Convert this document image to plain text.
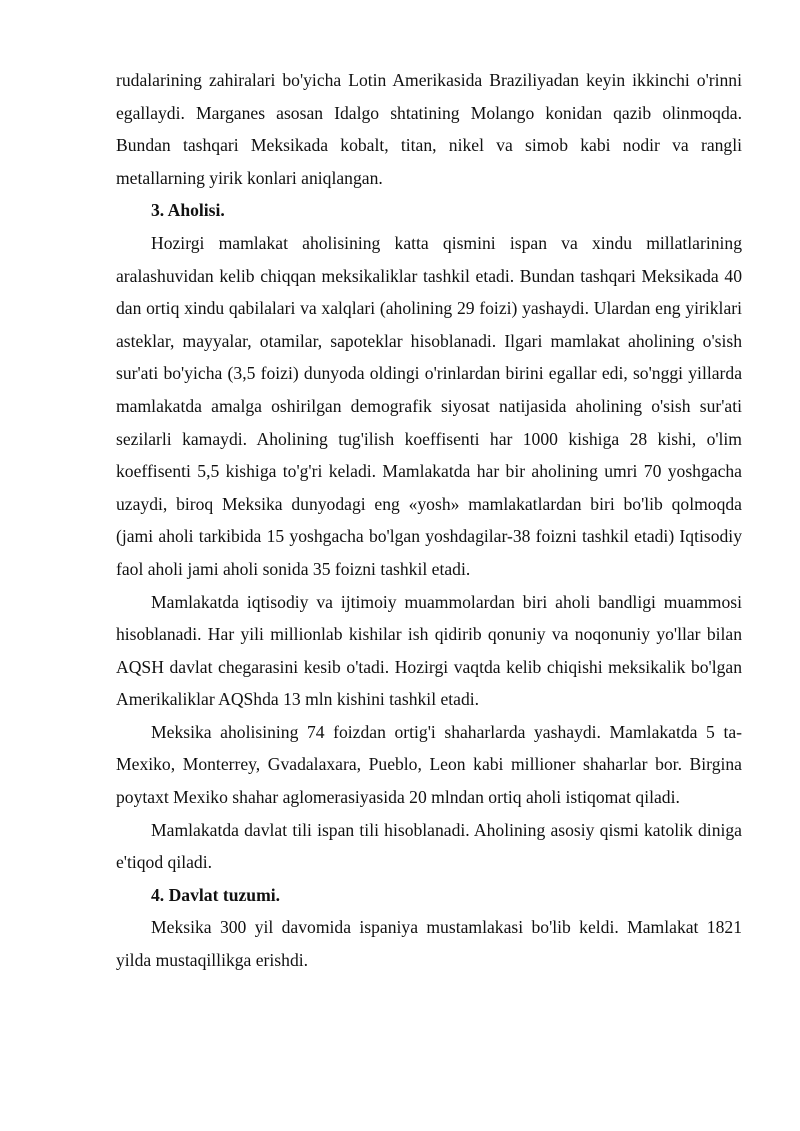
rudalarining zahiralari bo'yicha Lotin Amerikasida Braziliyadan keyin ikkinchi o'rinni egallaydi. Marganes asosan Idalgo shtatining Molango konidan qazib olinmoqda. Bundan tashqari Meksikada kobalt, titan, nikel va simob kabi nodir va rangli metallarning yirik konlari aniqlangan.

3. Aholisi.

Hozirgi mamlakat aholisining katta qismini ispan va xindu millatlarining aralashuvidan kelib chiqqan meksikaliklar tashkil etadi. Bundan tashqari Meksikada 40 dan ortiq xindu qabilalari va xalqlari (aholining 29 foizi) yashaydi. Ulardan eng yiriklari asteklar, mayyalar, otamilar, sapoteklar hisoblanadi. Ilgari mamlakat aholining o'sish sur'ati bo'yicha (3,5 foizi) dunyoda oldingi o'rinlardan birini egallar edi, so'nggi yillarda mamlakatda amalga oshirilgan demografik siyosat natijasida aholining o'sish sur'ati sezilarli kamaydi. Aholining tug'ilish koeffisenti har 1000 kishiga 28 kishi, o'lim koeffisenti 5,5 kishiga to'g'ri keladi. Mamlakatda har bir aholining umri 70 yoshgacha uzaydi, biroq Meksika dunyodagi eng «yosh» mamlakatlardan biri bo'lib qolmoqda (jami aholi tarkibida 15 yoshgacha bo'lgan yoshdagilar-38 foizni tashkil etadi) Iqtisodiy faol aholi jami aholi sonida 35 foizni tashkil etadi.

Mamlakatda iqtisodiy va ijtimoiy muammolardan biri aholi bandligi muammosi hisoblanadi. Har yili millionlab kishilar ish qidirib qonuniy va noqonuniy yo'llar bilan AQSH davlat chegarasini kesib o'tadi. Hozirgi vaqtda kelib chiqishi meksikalik bo'lgan Amerikaliklar AQShda 13 mln kishini tashkil etadi.

Meksika aholisining 74 foizdan ortig'i shaharlarda yashaydi. Mamlakatda 5 ta-Mexiko, Monterrey, Gvadalaxara, Pueblo, Leon kabi millioner shaharlar bor. Birgina poytaxt Mexiko shahar aglomerasiyasida 20 mlndan ortiq aholi istiqomat qiladi.

Mamlakatda davlat tili ispan tili hisoblanadi. Aholining asosiy qismi katolik diniga e'tiqod qiladi.

4. Davlat tuzumi.

Meksika 300 yil davomida ispaniya mustamlakasi bo'lib keldi. Mamlakat 1821 yilda mustaqillikga erishdi.
